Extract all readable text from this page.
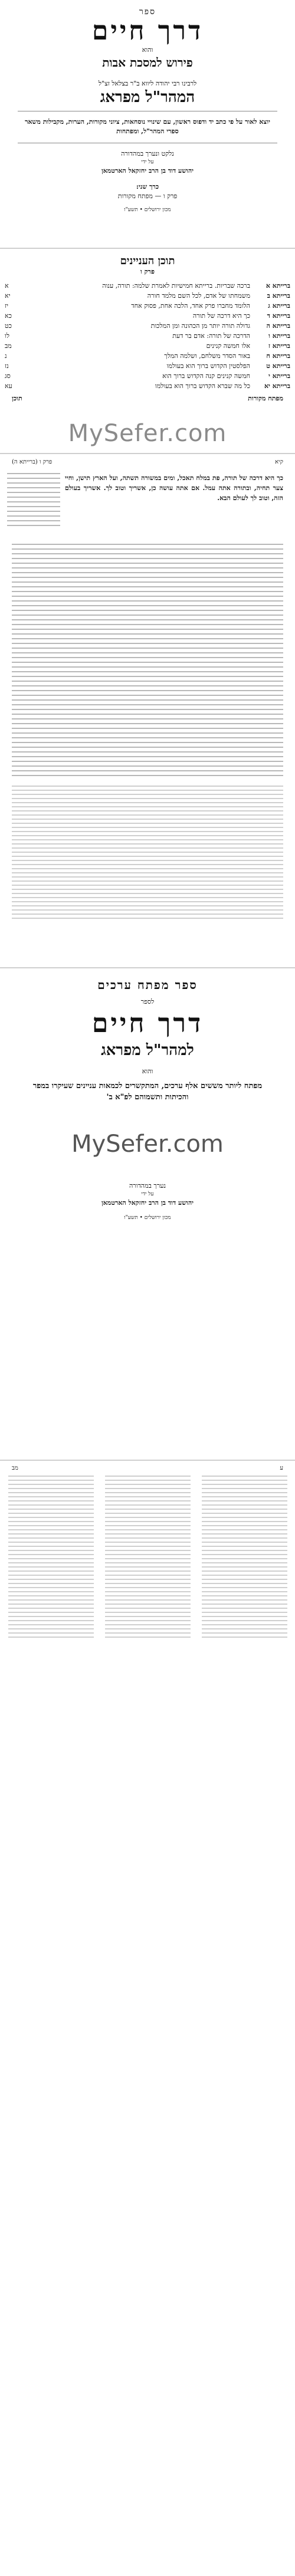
ספר
דרך חיים
והוא
פירוש למסכת אבות
לרבינו רבי יהודה ליווא ב"ר בצלאל זצ"ל
המהר"ל מפראג
יוצא לאור על פי כתב יד ודפוס ראשון, עם שינויי נוסחאות, ציוני מקורות, הערות, מקבילות משאר ספרי המהר"ל, ומפתחות
נלקט ונערך במהדורה
על ידי
יהושע דוד בן הרב יחזקאל הארטמאן
כרך שני:
פרק ו — מפתח מקורות
מכון ירושלים • תשע"ו
תוכן העניינים
פרק ו
ברייתא א
ברכה שבריות. ברייתא חמישיות לאמרת שלמה: תורה, ענוה
א
ברייתא ב
משמחתו של אדם, לכל השם מלמד חורה
יא
ברייתא ג
הלומד מחברו פרק אחד, הלכה אחת, פסוק אחד
יז
ברייתא ד
כך היא דרכה של תורה
כא
ברייתא ה
גדולה תורה יותר מן הכהונה ומן המלכות
כט
ברייתא ו
הדרכה של תורה: אדם בר דעת
לו
ברייתא ז
אלו חמשה קנינים
מב
ברייתא ח
באור הסדר משלחם, ושלמה המלך
נ
ברייתא ט
הפלסטין הקדוש ברוך הוא בעולמו
נז
ברייתא י
חמשה קנינים קנה הקדוש ברוך הוא
סג
ברייתא יא
כל מה שברא הקדוש ברוך הוא בעולמו
עא
מפתח מקורות
תוכן
MySefer.com
קיא
פרק ו (ברייתא ה)
כך היא דרכה של תורה, פת במלח תאכל, ומים במשורה תשתה, ועל הארץ תישן, וחיי צער תחיה, ובתורה אתה עמל. אם אתה עושה כן, אשריך וטוב לך. אשריך בעולם הזה, וטוב לך לעולם הבא.
ספר מפתח ערכים
לספר
דרך חיים
למהר"ל מפראג
והוא
מפתח ליותר מששים אלף ערכים, המתקשרים לכמאות עניינים שעיקרו במפר והכיתות ותשמוהם לפ"א ב'
MySefer.com
נערך במהדורה
על ידי
יהושע דוד בן הרב יחזקאל הארטמאן
מכון ירושלים • תשע"ו
ע
מב
